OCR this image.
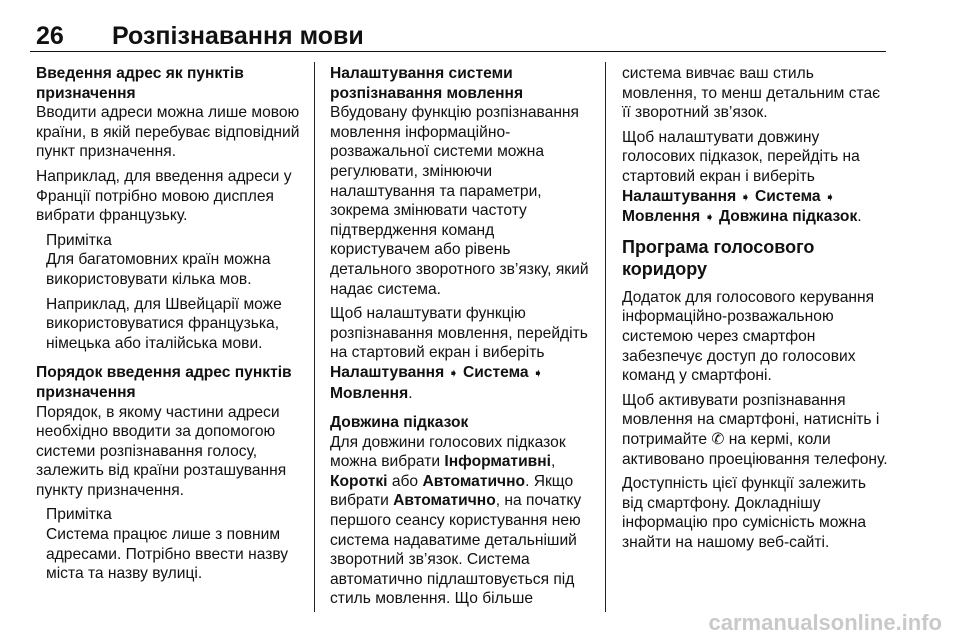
26 Розпізнавання мови

Введення адрес як пунктів призначення

Вводити адреси можна лише мовою країни, в якій перебуває відповідний пункт призначення.

Наприклад, для введення адреси у Франції потрібно мовою дисплея вибрати французьку.

Примітка

Для багатомовних країн можна використовувати кілька мов.

Наприклад, для Швейцарії може використовуватися французька, німецька або італійська мови.

Порядок введення адрес пунктів призначення

Порядок, в якому частини адреси необхідно вводити за допомогою системи розпізнавання голосу, залежить від країни розташування пункту призначення.

Примітка

Система працює лише з повним адресами. Потрібно ввести назву міста та назву вулиці.

Налаштування системи розпізнавання мовлення

Вбудовану функцію розпізнавання мовлення інформаційно-розважальної системи можна регулювати, змінюючи налаштування та параметри, зокрема змінювати частоту підтвердження команд користувачем або рівень детального зворотного зв’язку, який надає система.

Щоб налаштувати функцію розпізнавання мовлення, перейдіть на стартовий екран і виберіть Налаштування ➧ Система ➧ Мовлення.

Довжина підказок

Для довжини голосових підказок можна вибрати Інформативні, Короткі або Автоматично. Якщо вибрати Автоматично, на початку першого сеансу користування нею система надаватиме детальніший зворотний зв’язок. Система автоматично підлаштовується під стиль мовлення. Що більше

система вивчає ваш стиль мовлення, то менш детальним стає її зворотний зв’язок.

Щоб налаштувати довжину голосових підказок, перейдіть на стартовий екран і виберіть Налаштування ➧ Система ➧ Мовлення ➧ Довжина підказок.

Програма голосового коридору

Додаток для голосового керування інформаційно-розважальною системою через смартфон забезпечує доступ до голосових команд у смартфоні.

Щоб активувати розпізнавання мовлення на смартфоні, натисніть і потримайте ✆ на кермі, коли активовано проеціювання телефону.

Доступність цієї функції залежить від смартфону. Докладнішу інформацію про сумісність можна знайти на нашому веб-сайті.

carmanualsonline.info
